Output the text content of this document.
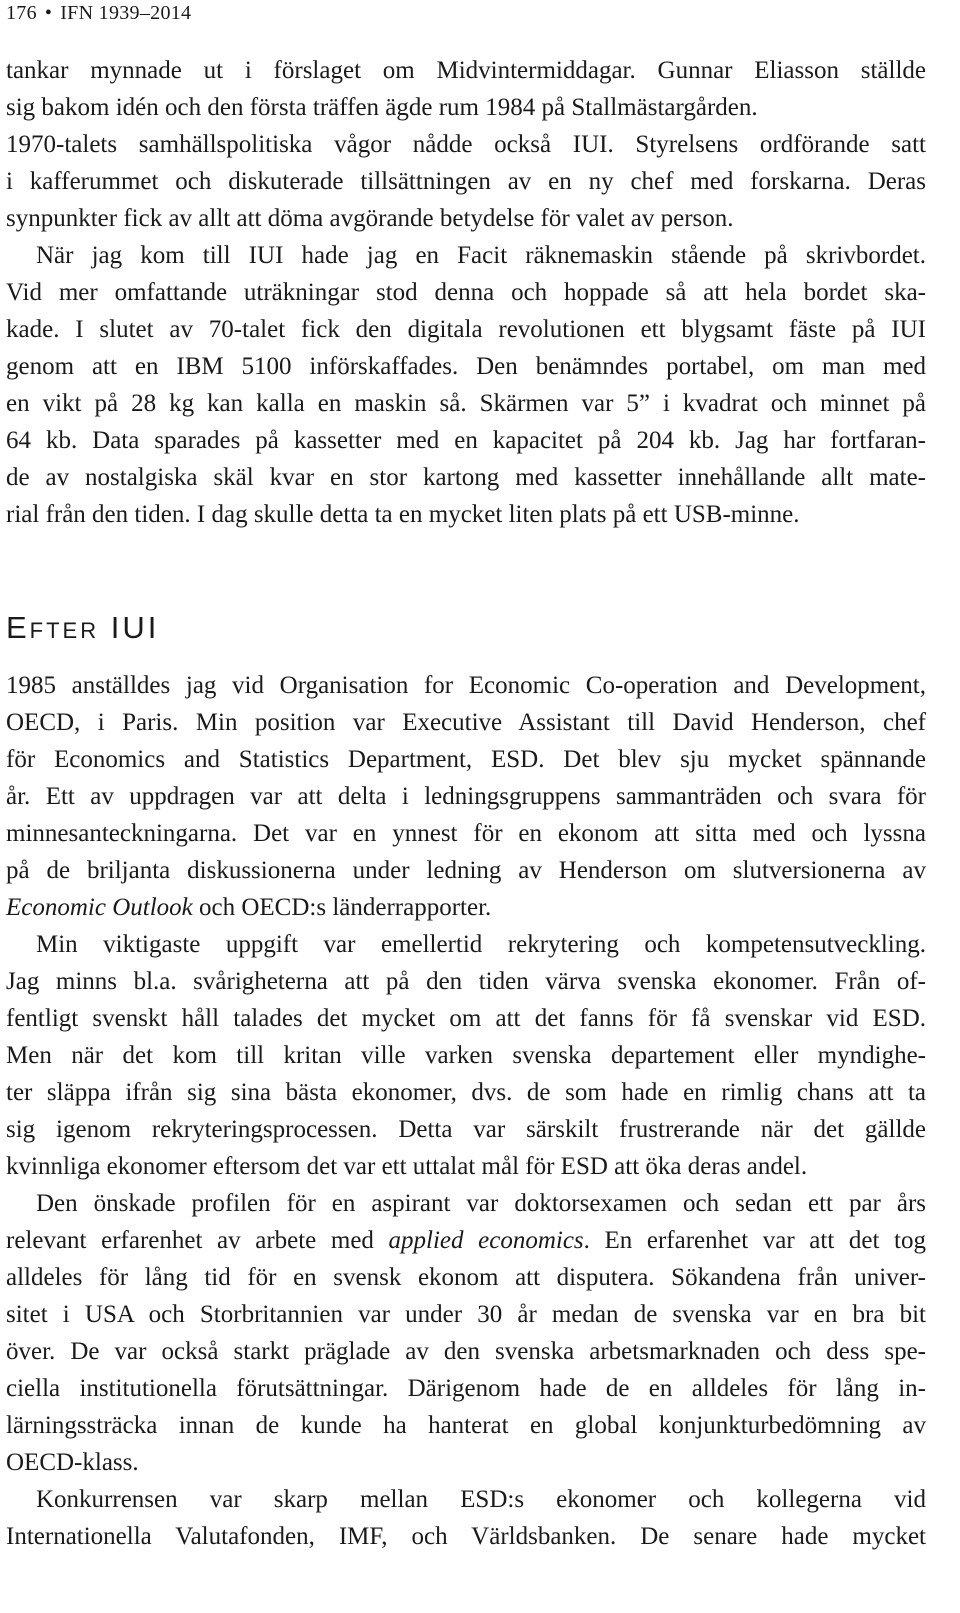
176 • IFN 1939–2014
tankar mynnade ut i förslaget om Midvintermiddagar. Gunnar Eliasson ställde
sig bakom idén och den första träffen ägde rum 1984 på Stallmästargården.
1970-talets samhällspolitiska vågor nådde också IUI. Styrelsens ordförande satt
i kafferummet och diskuterade tillsättningen av en ny chef med forskarna. Deras
synpunkter fick av allt att döma avgörande betydelse för valet av person.
När jag kom till IUI hade jag en Facit räknemaskin stående på skrivbordet.
Vid mer omfattande uträkningar stod denna och hoppade så att hela bordet ska-
kade. I slutet av 70-talet fick den digitala revolutionen ett blygsamt fäste på IUI
genom att en IBM 5100 införskaffades. Den benämndes portabel, om man med
en vikt på 28 kg kan kalla en maskin så. Skärmen var 5” i kvadrat och minnet på
64 kb. Data sparades på kassetter med en kapacitet på 204 kb. Jag har fortfaran-
de av nostalgiska skäl kvar en stor kartong med kassetter innehållande allt mate-
rial från den tiden. I dag skulle detta ta en mycket liten plats på ett USB-minne.
Efter IUI
1985 anställdes jag vid Organisation for Economic Co-operation and Development,
OECD, i Paris. Min position var Executive Assistant till David Henderson, chef
för Economics and Statistics Department, ESD. Det blev sju mycket spännande
år. Ett av uppdragen var att delta i ledningsgruppens sammanträden och svara för
minnesanteckningarna. Det var en ynnest för en ekonom att sitta med och lyssna
på de briljanta diskussionerna under ledning av Henderson om slutversionerna av
Economic Outlook och OECD:s länderrapporter.
Min viktigaste uppgift var emellertid rekrytering och kompetensutveckling.
Jag minns bl.a. svårigheterna att på den tiden värva svenska ekonomer. Från of-
fentligt svenskt håll talades det mycket om att det fanns för få svenskar vid ESD.
Men när det kom till kritan ville varken svenska departement eller myndighe-
ter släppa ifrån sig sina bästa ekonomer, dvs. de som hade en rimlig chans att ta
sig igenom rekryteringsprocessen. Detta var särskilt frustrerande när det gällde
kvinnliga ekonomer eftersom det var ett uttalat mål för ESD att öka deras andel.
Den önskade profilen för en aspirant var doktorsexamen och sedan ett par års
relevant erfarenhet av arbete med applied economics. En erfarenhet var att det tog
alldeles för lång tid för en svensk ekonom att disputera. Sökandena från univer-
sitet i USA och Storbritannien var under 30 år medan de svenska var en bra bit
över. De var också starkt präglade av den svenska arbetsmarknaden och dess spe-
ciella institutionella förutsättningar. Därigenom hade de en alldeles för lång in-
lärningssträcka innan de kunde ha hanterat en global konjunkturbedömning av
OECD-klass.
Konkurrensen var skarp mellan ESD:s ekonomer och kollegerna vid
Internationella Valutafonden, IMF, och Världsbanken. De senare hade mycket
